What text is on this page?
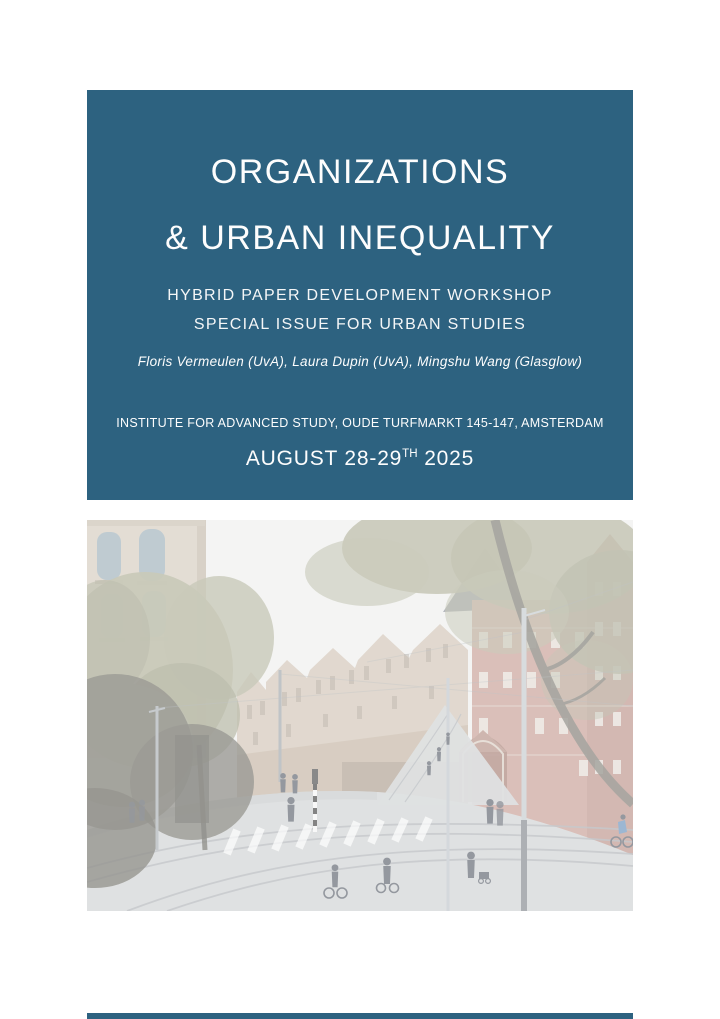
ORGANIZATIONS
& URBAN INEQUALITY
HYBRID PAPER DEVELOPMENT WORKSHOP
SPECIAL ISSUE FOR URBAN STUDIES
Floris Vermeulen (UvA), Laura Dupin (UvA), Mingshu Wang (Glasglow)
INSTITUTE FOR ADVANCED STUDY, OUDE TURFMARKT 145-147, AMSTERDAM
AUGUST 28-29TH 2025
